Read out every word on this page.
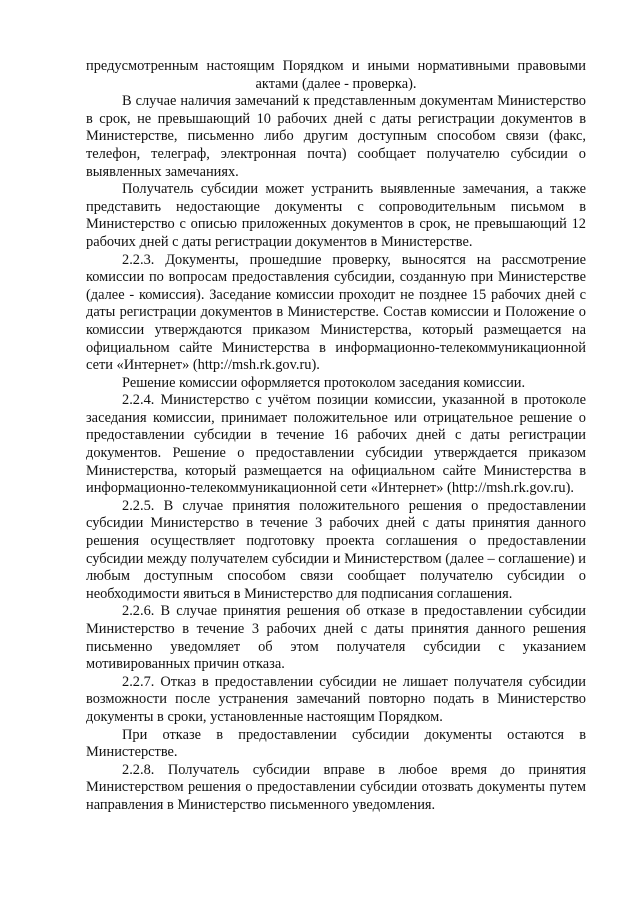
предусмотренным настоящим Порядком и иными нормативными правовыми актами (далее - проверка).

В случае наличия замечаний к представленным документам Министерство в срок, не превышающий 10 рабочих дней с даты регистрации документов в Министерстве, письменно либо другим доступным способом связи (факс, телефон, телеграф, электронная почта) сообщает получателю субсидии о выявленных замечаниях.

Получатель субсидии может устранить выявленные замечания, а также представить недостающие документы с сопроводительным письмом в Министерство с описью приложенных документов в срок, не превышающий 12 рабочих дней с даты регистрации документов в Министерстве.

2.2.3. Документы, прошедшие проверку, выносятся на рассмотрение комиссии по вопросам предоставления субсидии, созданную при Министерстве (далее - комиссия). Заседание комиссии проходит не позднее 15 рабочих дней с даты регистрации документов в Министерстве. Состав комиссии и Положение о комиссии утверждаются приказом Министерства, который размещается на официальном сайте Министерства в информационно-телекоммуникационной сети «Интернет» (http://msh.rk.gov.ru).

Решение комиссии оформляется протоколом заседания комиссии.

2.2.4. Министерство с учётом позиции комиссии, указанной в протоколе заседания комиссии, принимает положительное или отрицательное решение о предоставлении субсидии в течение 16 рабочих дней с даты регистрации документов. Решение о предоставлении субсидии утверждается приказом Министерства, который размещается на официальном сайте Министерства в информационно-телекоммуникационной сети «Интернет» (http://msh.rk.gov.ru).

2.2.5. В случае принятия положительного решения о предоставлении субсидии Министерство в течение 3 рабочих дней с даты принятия данного решения осуществляет подготовку проекта соглашения о предоставлении субсидии между получателем субсидии и Министерством (далее – соглашение) и любым доступным способом связи сообщает получателю субсидии о необходимости явиться в Министерство для подписания соглашения.

2.2.6. В случае принятия решения об отказе в предоставлении субсидии Министерство в течение 3 рабочих дней с даты принятия данного решения письменно уведомляет об этом получателя субсидии с указанием мотивированных причин отказа.

2.2.7. Отказ в предоставлении субсидии не лишает получателя субсидии возможности после устранения замечаний повторно подать в Министерство документы в сроки, установленные настоящим Порядком.

При отказе в предоставлении субсидии документы остаются в Министерстве.

2.2.8. Получатель субсидии вправе в любое время до принятия Министерством решения о предоставлении субсидии отозвать документы путем направления в Министерство письменного уведомления.
